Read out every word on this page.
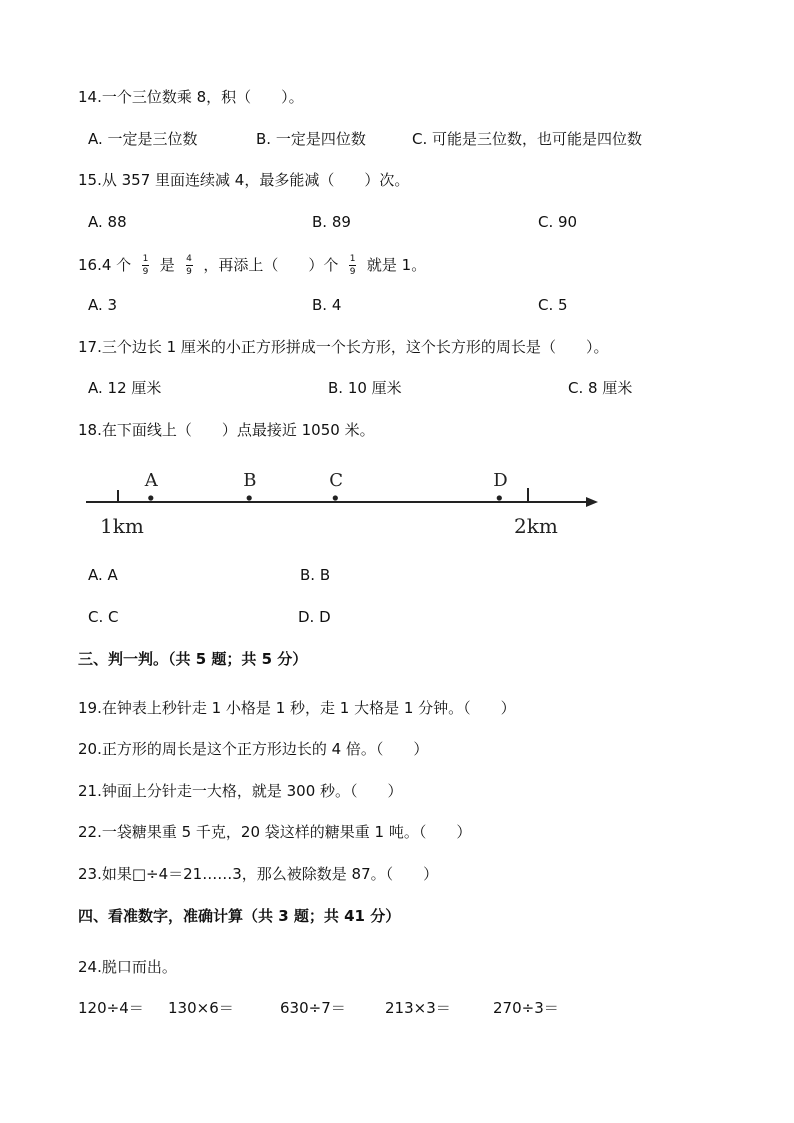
14.一个三位数乘 8，积（　　）。
A. 一定是三位数	B. 一定是四位数	C. 可能是三位数，也可能是四位数
15.从 357 里面连续减 4，最多能减（　　）次。
A. 88	B. 89	C. 90
16.4 个 $\frac{1}{9}$ 是 $\frac{4}{9}$ ，再添上（　　）个 $\frac{1}{9}$ 就是 1。
A. 3	B. 4	C. 5
17.三个边长 1 厘米的小正方形拼成一个长方形，这个长方形的周长是（　　）。
A. 12 厘米	B. 10 厘米	C. 8 厘米
18.在下面线上（　　）点最接近 1050 米。
1km	2km
A	B	C	D
A. A	B. B
C. C	D. D
三、判一判。（共 5 题；共 5 分）
19.在钟表上秒针走 1 小格是 1 秒，走 1 大格是 1 分钟。（　　）
20.正方形的周长是这个正方形边长的 4 倍。（　　）
21.钟面上分针走一大格，就是 300 秒。（　　）
22.一袋糖果重 5 千克，20 袋这样的糖果重 1 吨。（　　）
23.如果□÷4＝21……3，那么被除数是 87。（　　）
四、看准数字，准确计算（共 3 题；共 41 分）
24.脱口而出。
120÷4＝ 130×6＝	630÷7＝	213×3＝	270÷3＝
